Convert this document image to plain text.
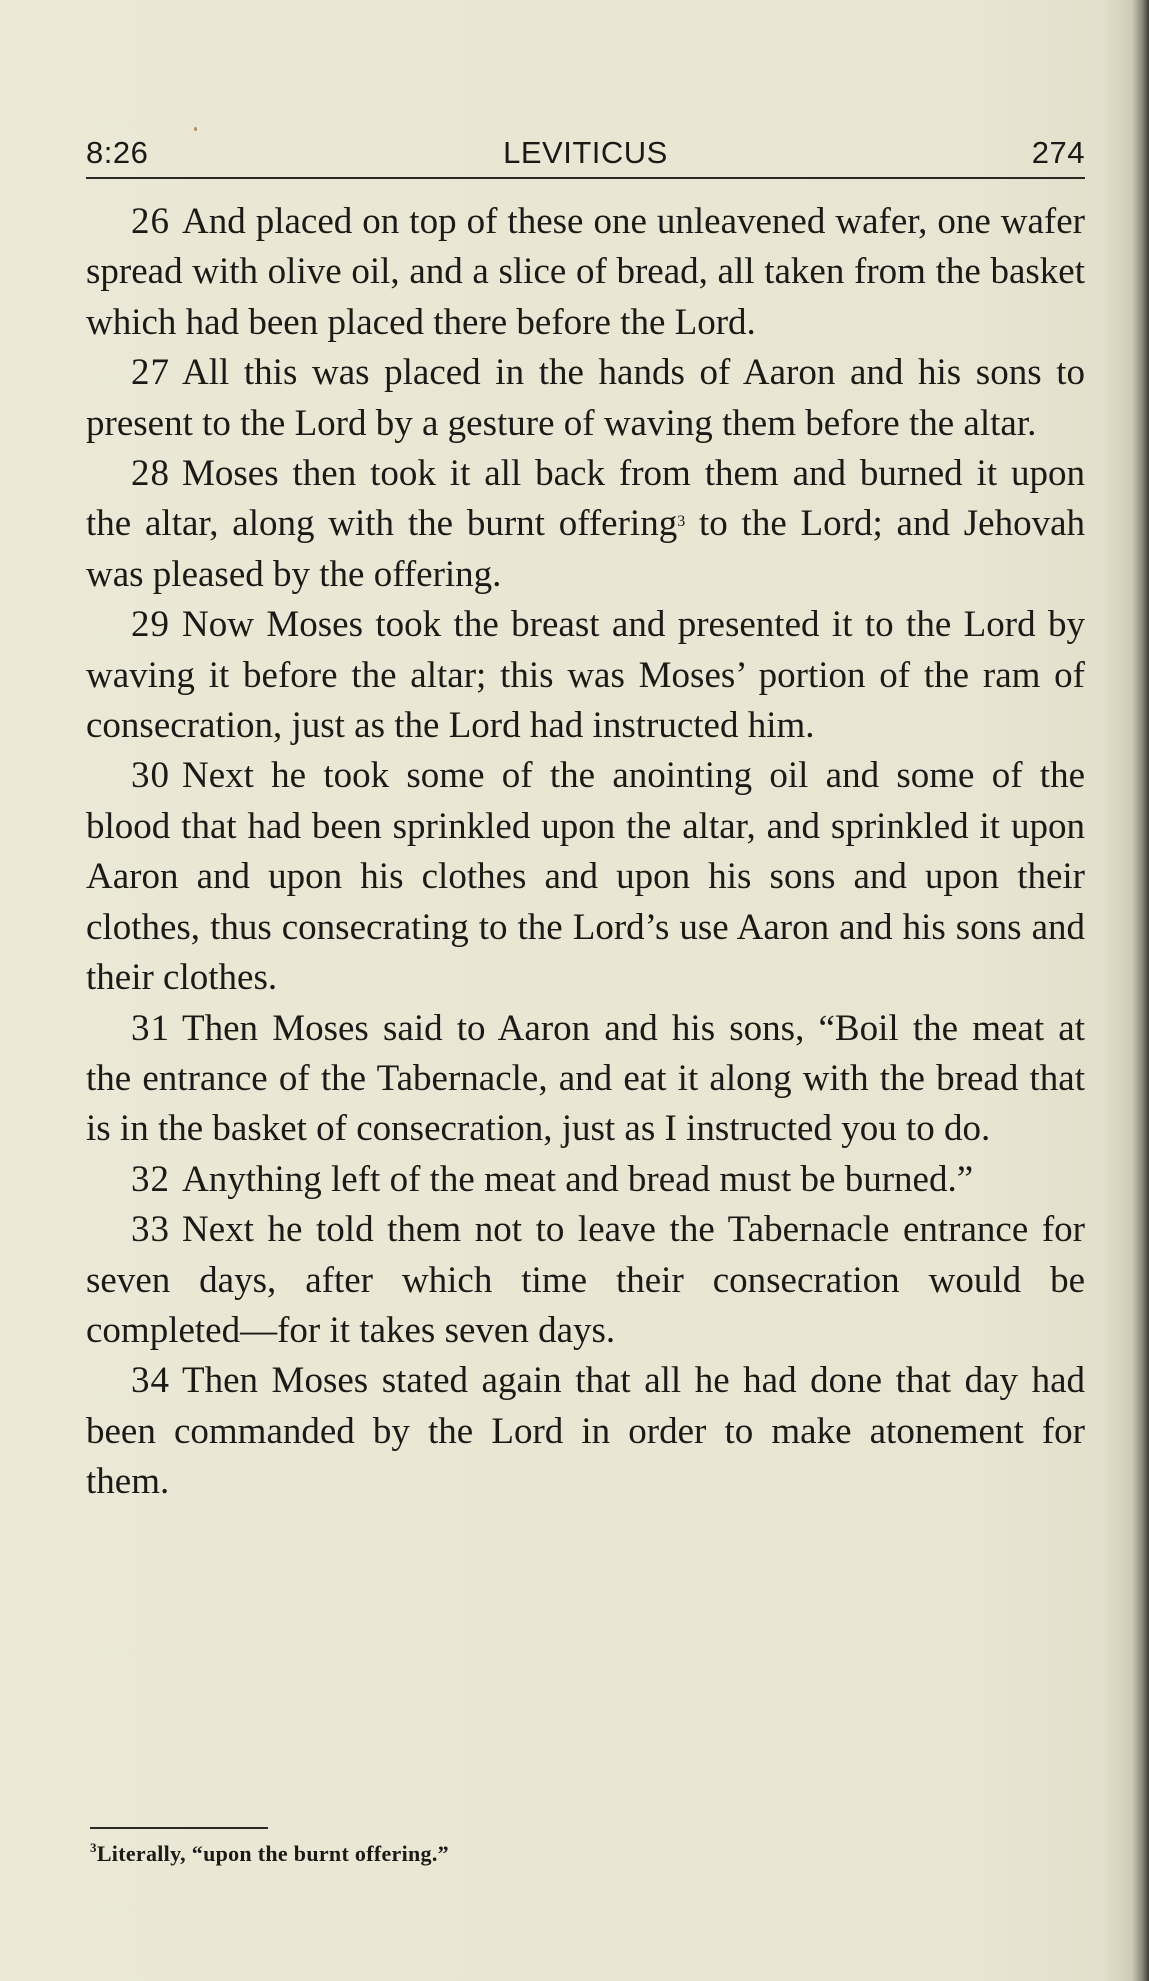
8:26	LEVITICUS	274

26 And placed on top of these one unleavened wafer, one wafer spread with olive oil, and a slice of bread, all taken from the basket which had been placed there before the Lord.

27 All this was placed in the hands of Aaron and his sons to present to the Lord by a gesture of waving them before the altar.

28 Moses then took it all back from them and burned it upon the altar, along with the burnt offering$^3$ to the Lord; and Jehovah was pleased by the offering.

29 Now Moses took the breast and presented it to the Lord by waving it before the altar; this was Moses’ portion of the ram of consecration, just as the Lord had instructed him.

30 Next he took some of the anointing oil and some of the blood that had been sprinkled upon the altar, and sprinkled it upon Aaron and upon his clothes and upon his sons and upon their clothes, thus consecrating to the Lord’s use Aaron and his sons and their clothes.

31 Then Moses said to Aaron and his sons, “Boil the meat at the entrance of the Tabernacle, and eat it along with the bread that is in the basket of consecration, just as I instructed you to do.

32 Anything left of the meat and bread must be burned.”

33 Next he told them not to leave the Tabernacle entrance for seven days, after which time their consecration would be completed—for it takes seven days.

34 Then Moses stated again that all he had done that day had been commanded by the Lord in order to make atonement for them.

$^3$Literally, “upon the burnt offering.”
